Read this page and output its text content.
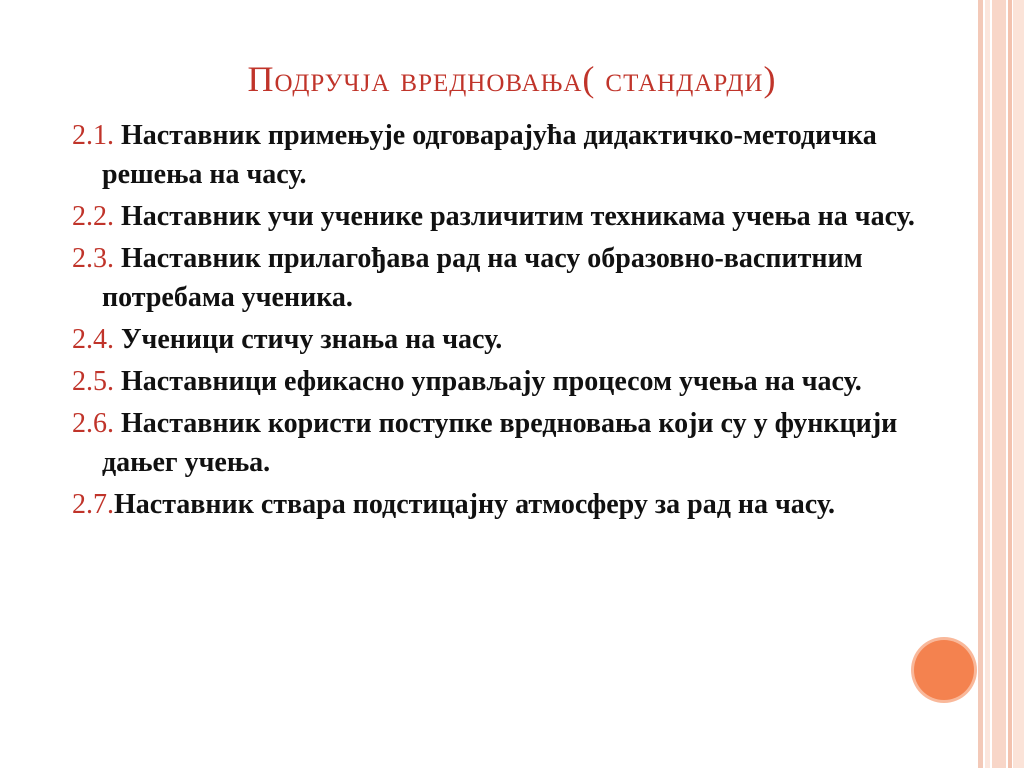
Подручја вредновања( стандарди)
2.1. Наставник примењује одговарајућа дидактичко-методичка решења на часу.
2.2. Наставник учи ученике различитим техникама учења на часу.
2.3. Наставник прилагођава рад на часу образовно-васпитним потребама ученика.
2.4. Ученици стичу знања на часу.
2.5. Наставници ефикасно управљају процесом учења на часу.
2.6. Наставник користи поступке вредновања који су у функцији дањег учења.
2.7.Наставник ствара подстицајну атмосферу за рад на часу.
